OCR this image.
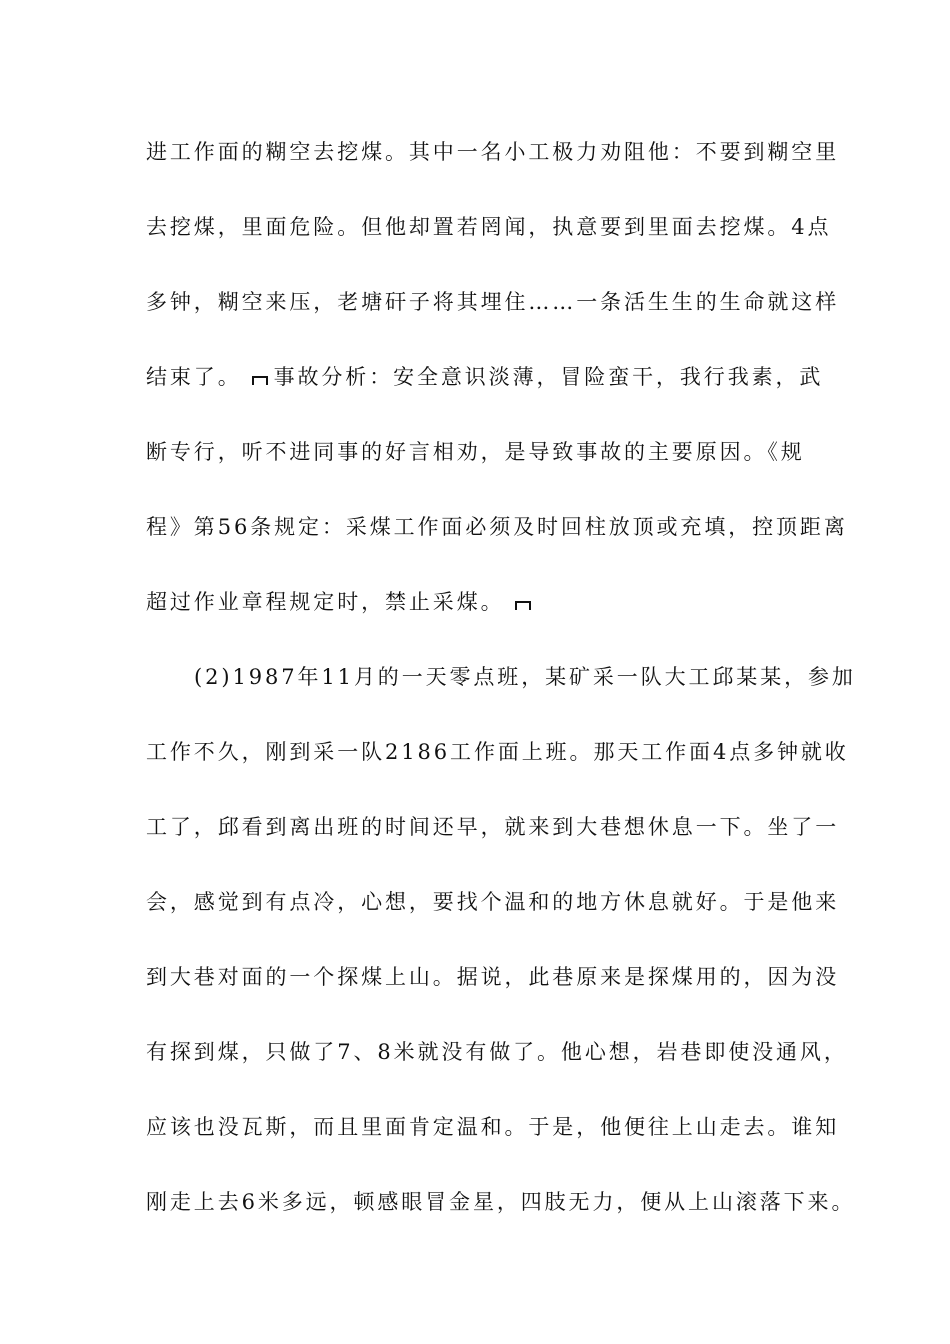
进工作面的糊空去挖煤。其中一名小工极力劝阻他：不要到糊空里
去挖煤，里面危险。但他却置若罔闻，执意要到里面去挖煤。4点
多钟，糊空来压，老塘矸子将其埋住……一条活生生的生命就这样
结束了。 事故分析：安全意识淡薄，冒险蛮干，我行我素，武
断专行，听不进同事的好言相劝，是导致事故的主要原因。《规
程》第56条规定：采煤工作面必须及时回柱放顶或充填，控顶距离
超过作业章程规定时，禁止采煤。
(2)1987年11月的一天零点班，某矿采一队大工邱某某，参加
工作不久，刚到采一队2186工作面上班。那天工作面4点多钟就收
工了，邱看到离出班的时间还早，就来到大巷想休息一下。坐了一
会，感觉到有点冷，心想，要找个温和的地方休息就好。于是他来
到大巷对面的一个探煤上山。据说，此巷原来是探煤用的，因为没
有探到煤，只做了7、8米就没有做了。他心想，岩巷即使没通风，
应该也没瓦斯，而且里面肯定温和。于是，他便往上山走去。谁知
刚走上去6米多远，顿感眼冒金星，四肢无力，便从上山滚落下来。
